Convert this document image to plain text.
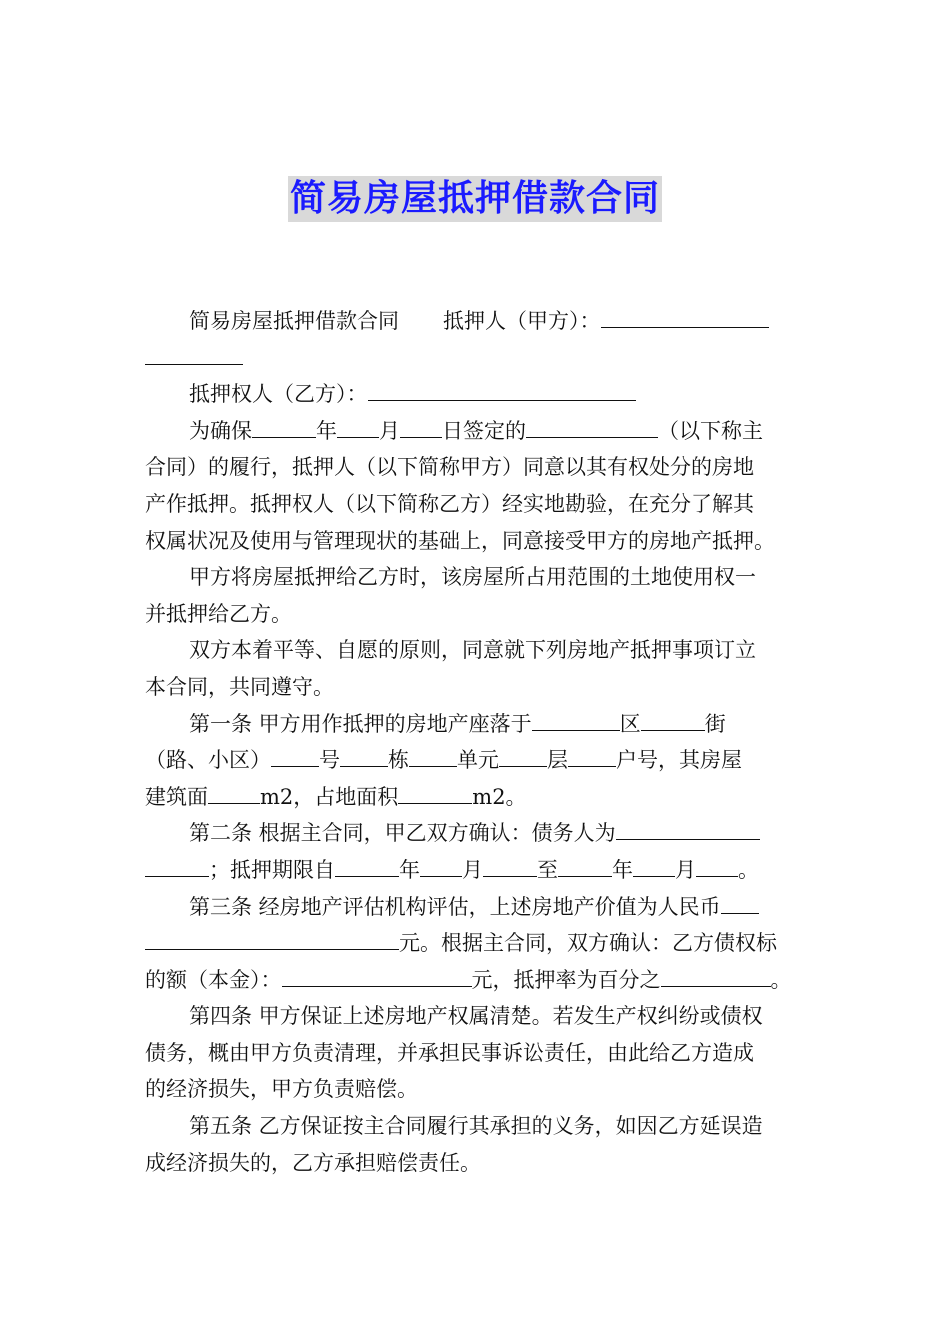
简易房屋抵押借款合同
简易房屋抵押借款合同 抵押人（甲方）：
抵押权人（乙方）：
为确保	年 月 日签定的	（以下称主
合同）的履行，抵押人（以下简称甲方）同意以其有权处分的房地
产作抵押。抵押权人（以下简称乙方）经实地勘验，在充分了解其
权属状况及使用与管理现状的基础上，同意接受甲方的房地产抵押。
甲方将房屋抵押给乙方时，该房屋所占用范围的土地使用权一
并抵押给乙方。
双方本着平等、自愿的原则，同意就下列房地产抵押事项订立
本合同，共同遵守。
第一条 甲方用作抵押的房地产座落于	区	街
（路、小区） 号 栋 单元 层 户号，其房屋
建筑面 m2，占地面积	m2。
第二条 根据主合同，甲乙双方确认：债务人为
；抵押期限自	年 月	至	年 月 。
第三条 经房地产评估机构评估，上述房地产价值为人民币
元。根据主合同，双方确认：乙方债权标
的额（本金）：	元，抵押率为百分之	。
第四条 甲方保证上述房地产权属清楚。若发生产权纠纷或债权
债务，概由甲方负责清理，并承担民事诉讼责任，由此给乙方造成
的经济损失，甲方负责赔偿。
第五条 乙方保证按主合同履行其承担的义务，如因乙方延误造
成经济损失的，乙方承担赔偿责任。
